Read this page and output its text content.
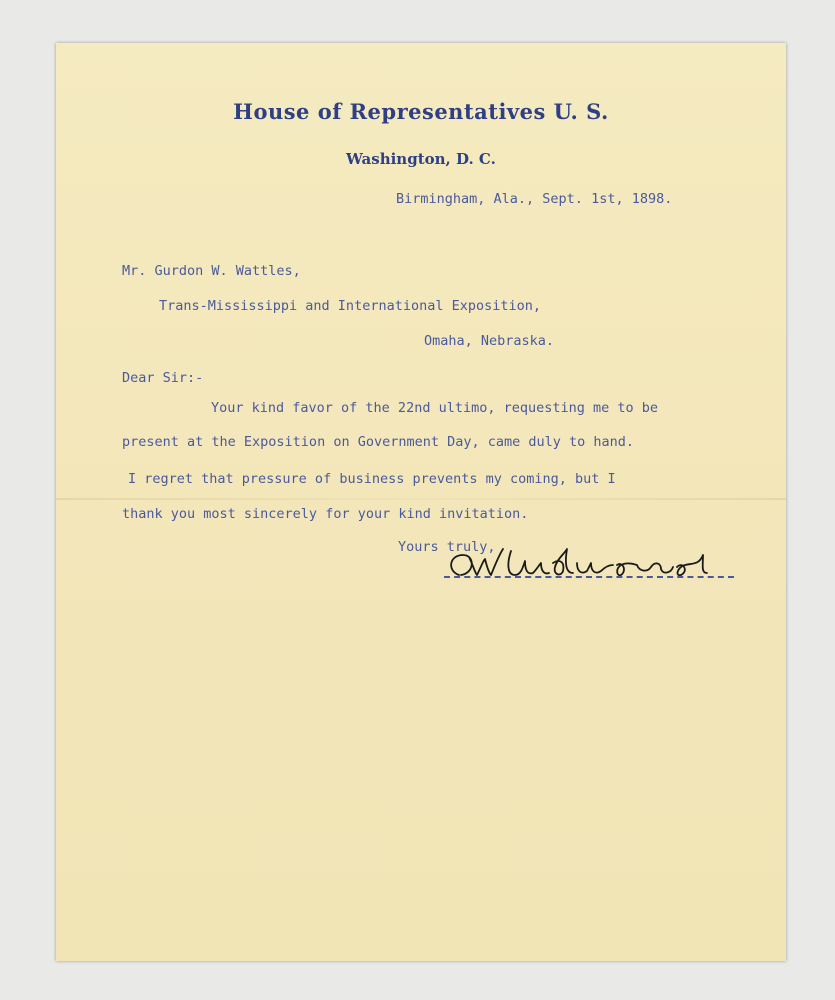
House of Representatives U. S.
Washington, D. C.
Birmingham, Ala., Sept. 1st, 1898.
Mr. Gurdon W. Wattles,
Trans-Mississippi and International Exposition,
Omaha, Nebraska.
Dear Sir:-
Your kind favor of the 22nd ultimo, requesting me to be
present at the Exposition on Government Day, came duly to hand.
I regret that pressure of business prevents my coming, but I
thank you most sincerely for your kind invitation.
Yours truly,
